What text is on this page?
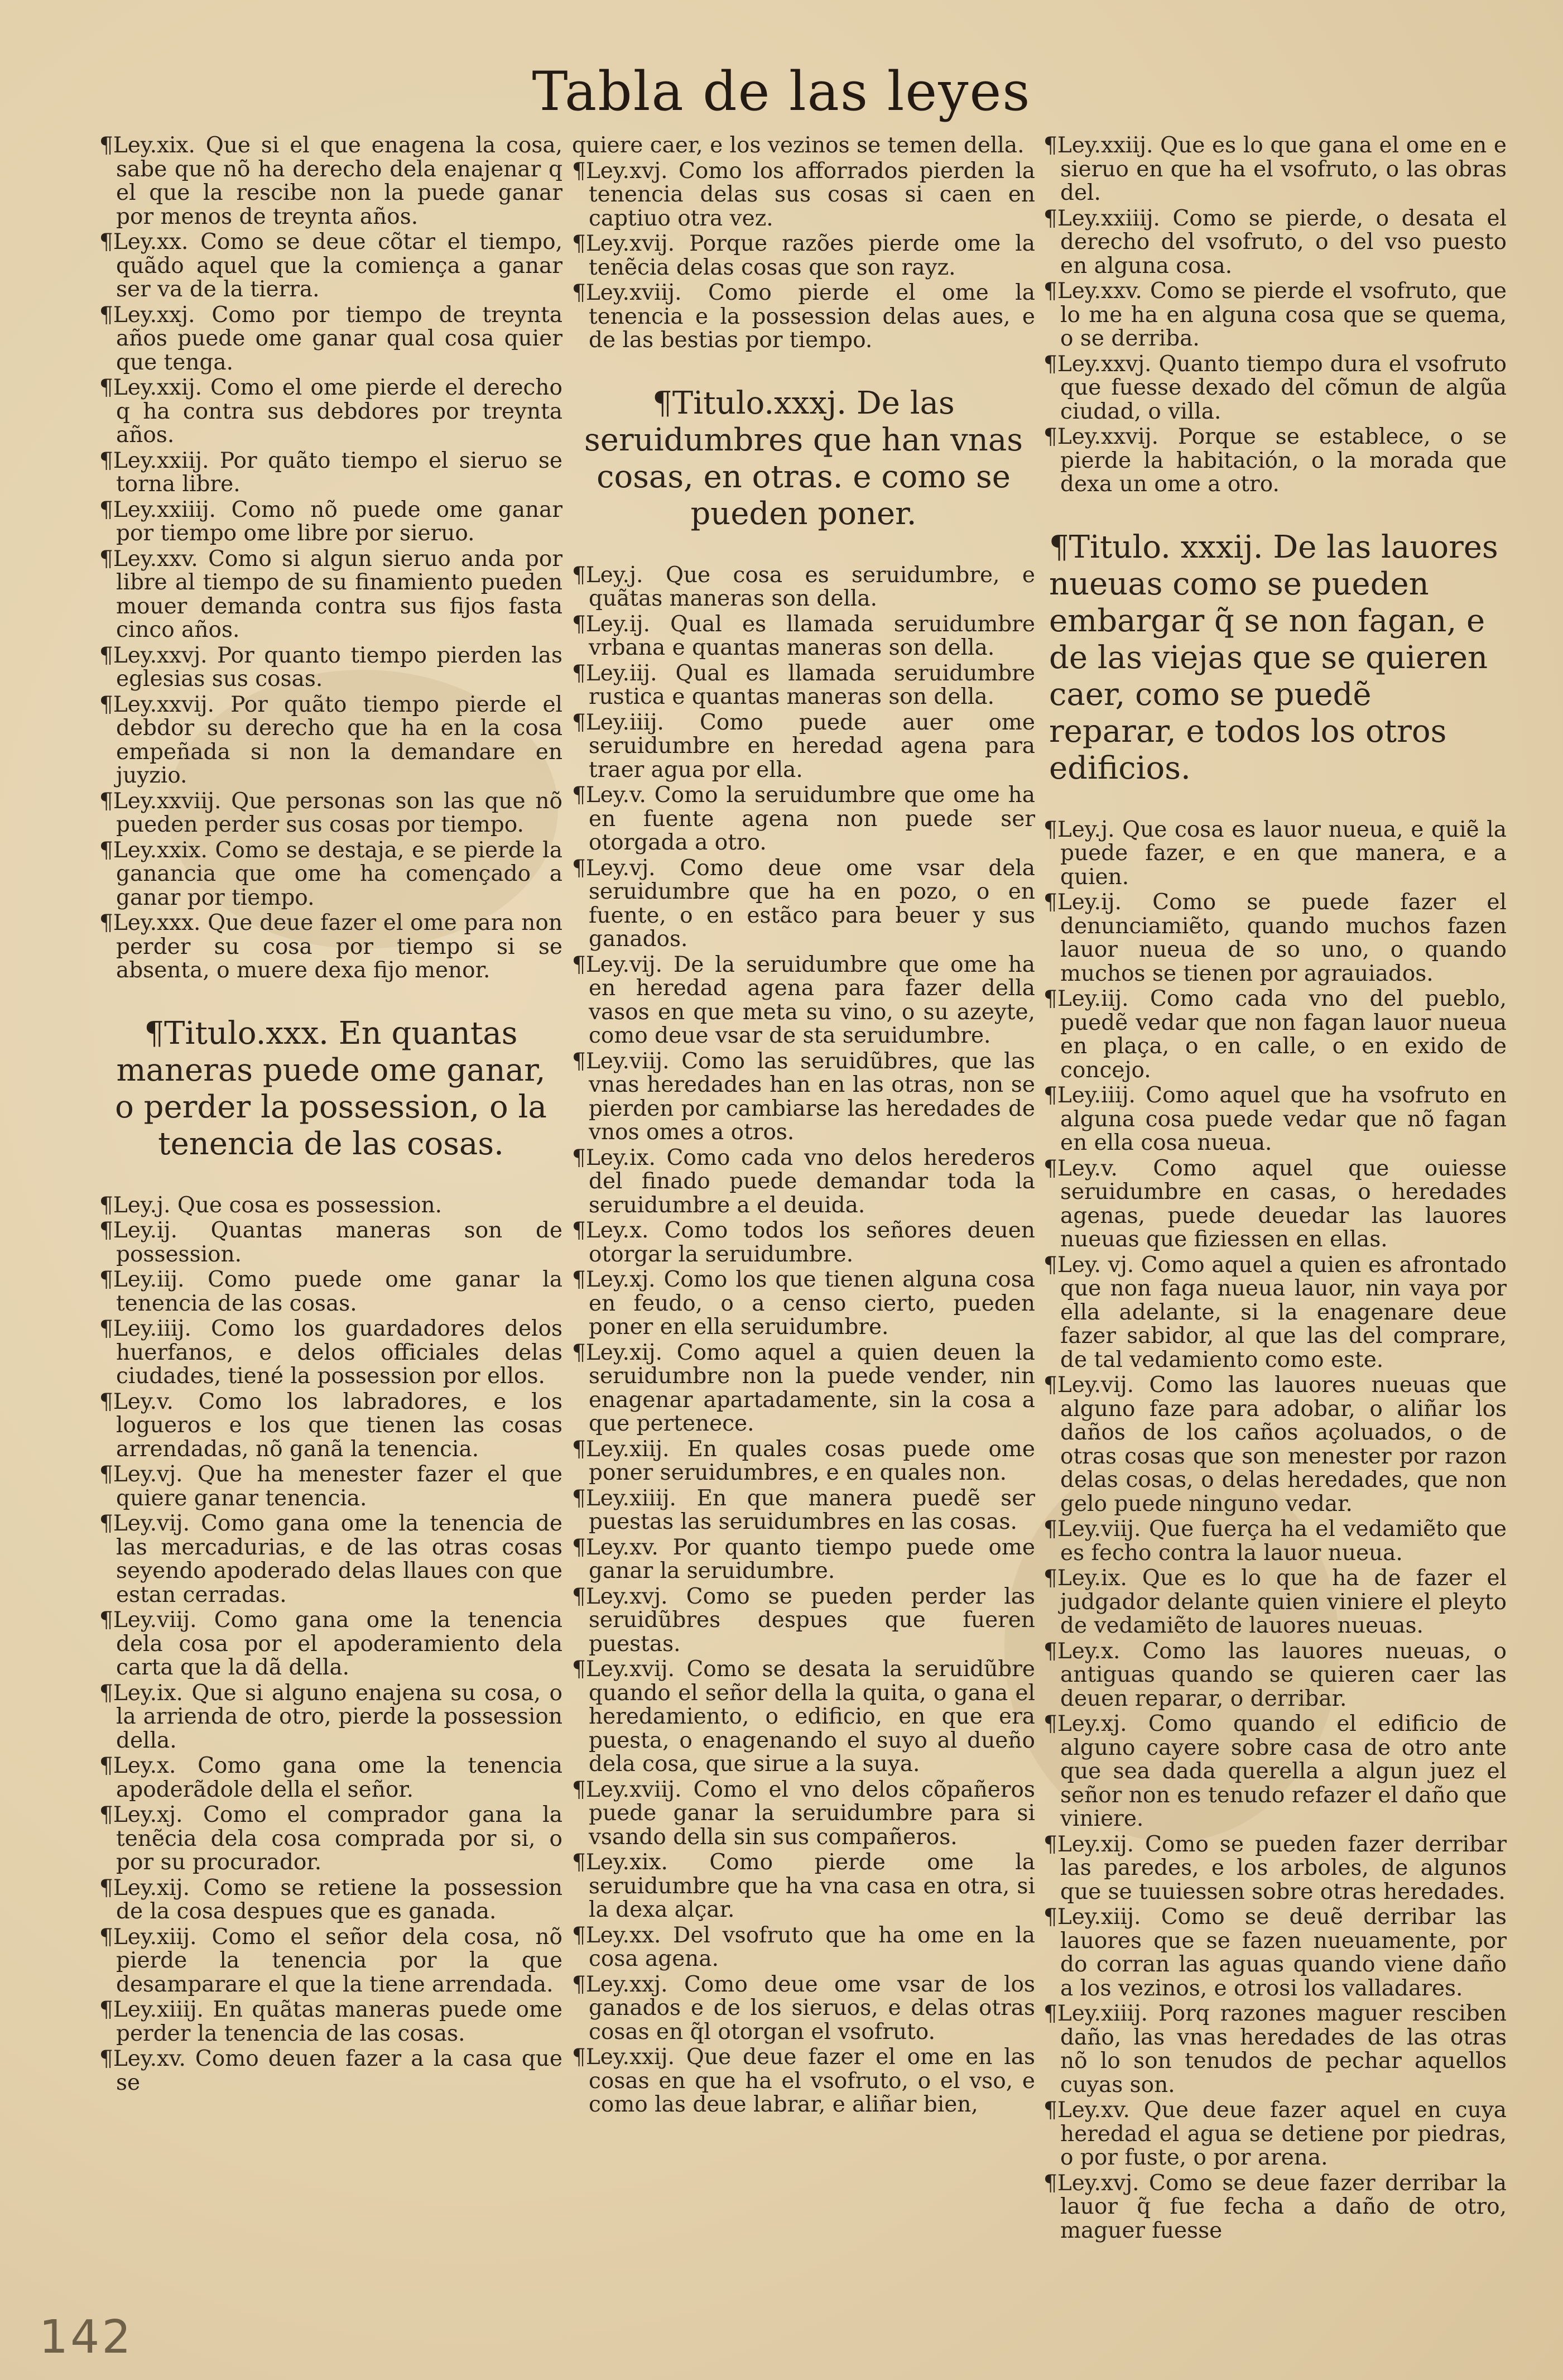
Tabla de las leyes
¶Ley.xix. Que si el que enagena la cosa, sabe que nõ ha derecho dela enajenar q el que la rescibe non la puede ganar por menos de treynta años.
¶Ley.xx. Como se deue cõtar el tiempo, quãdo aquel que la comiença a ganar ser va de la tierra.
¶Ley.xxj. Como por tiempo de treynta años puede ome ganar qual cosa quier que tenga.
¶Ley.xxij. Como el ome pierde el derecho q ha contra sus debdores por treynta años.
¶Ley.xxiij. Por quãto tiempo el sieruo se torna libre.
¶Ley.xxiiij. Como nõ puede ome ganar por tiempo ome libre por sieruo.
¶Ley.xxv. Como si algun sieruo anda por libre al tiempo de su finamiento pueden mouer demanda contra sus fijos fasta cinco años.
¶Ley.xxvj. Por quanto tiempo pierden las eglesias sus cosas.
¶Ley.xxvij. Por quãto tiempo pierde el debdor su derecho que ha en la cosa empeñada si non la demandare en juyzio.
¶Ley.xxviij. Que personas son las que nõ pueden perder sus cosas por tiempo.
¶Ley.xxix. Como se destaja, e se pierde la ganancia que ome ha començado a ganar por tiempo.
¶Ley.xxx. Que deue fazer el ome para non perder su cosa por tiempo si se absenta, o muere dexa fijo menor.
¶Titulo.xxx. En quantas maneras puede ome ganar, o perder la possession, o la tenencia de las cosas.
¶Ley.j. Que cosa es possession.
¶Ley.ij. Quantas maneras son de possession.
¶Ley.iij. Como puede ome ganar la tenencia de las cosas.
¶Ley.iiij. Como los guardadores delos huerfanos, e delos officiales delas ciudades, tiené la possession por ellos.
¶Ley.v. Como los labradores, e los logueros e los que tienen las cosas arrendadas, nõ ganã la tenencia.
¶Ley.vj. Que ha menester fazer el que quiere ganar tenencia.
¶Ley.vij. Como gana ome la tenencia de las mercadurias, e de las otras cosas seyendo apoderado delas llaues con que estan cerradas.
¶Ley.viij. Como gana ome la tenencia dela cosa por el apoderamiento dela carta que la dã della.
¶Ley.ix. Que si alguno enajena su cosa, o la arrienda de otro, pierde la possession della.
¶Ley.x. Como gana ome la tenencia apoderãdole della el señor.
¶Ley.xj. Como el comprador gana la tenẽcia dela cosa comprada por si, o por su procurador.
¶Ley.xij. Como se retiene la possession de la cosa despues que es ganada.
¶Ley.xiij. Como el señor dela cosa, nõ pierde la tenencia por la que desamparare el que la tiene arrendada.
¶Ley.xiiij. En quãtas maneras puede ome perder la tenencia de las cosas.
¶Ley.xv. Como deuen fazer a la casa que se
quiere caer, e los vezinos se temen della.
¶Ley.xvj. Como los afforrados pierden la tenencia delas sus cosas si caen en captiuo otra vez.
¶Ley.xvij. Porque razões pierde ome la tenẽcia delas cosas que son rayz.
¶Ley.xviij. Como pierde el ome la tenencia e la possession delas aues, e de las bestias por tiempo.
¶Titulo.xxxj. De las seruidumbres que han vnas cosas, en otras. e como se pueden poner.
¶Ley.j. Que cosa es seruidumbre, e quãtas maneras son della.
¶Ley.ij. Qual es llamada seruidumbre vrbana e quantas maneras son della.
¶Ley.iij. Qual es llamada seruidumbre rustica e quantas maneras son della.
¶Ley.iiij. Como puede auer ome seruidumbre en heredad agena para traer agua por ella.
¶Ley.v. Como la seruidumbre que ome ha en fuente agena non puede ser otorgada a otro.
¶Ley.vj. Como deue ome vsar dela seruidumbre que ha en pozo, o en fuente, o en estãco para beuer y sus ganados.
¶Ley.vij. De la seruidumbre que ome ha en heredad agena para fazer della vasos en que meta su vino, o su azeyte, como deue vsar de sta seruidumbre.
¶Ley.viij. Como las seruidũbres, que las vnas heredades han en las otras, non se pierden por cambiarse las heredades de vnos omes a otros.
¶Ley.ix. Como cada vno delos herederos del finado puede demandar toda la seruidumbre a el deuida.
¶Ley.x. Como todos los señores deuen otorgar la seruidumbre.
¶Ley.xj. Como los que tienen alguna cosa en feudo, o a censo cierto, pueden poner en ella seruidumbre.
¶Ley.xij. Como aquel a quien deuen la seruidumbre non la puede vender, nin enagenar apartadamente, sin la cosa a que pertenece.
¶Ley.xiij. En quales cosas puede ome poner seruidumbres, e en quales non.
¶Ley.xiiij. En que manera puedẽ ser puestas las seruidumbres en las cosas.
¶Ley.xv. Por quanto tiempo puede ome ganar la seruidumbre.
¶Ley.xvj. Como se pueden perder las seruidũbres despues que fueren puestas.
¶Ley.xvij. Como se desata la seruidũbre quando el señor della la quita, o gana el heredamiento, o edificio, en que era puesta, o enagenando el suyo al dueño dela cosa, que sirue a la suya.
¶Ley.xviij. Como el vno delos cõpañeros puede ganar la seruidumbre para si vsando della sin sus compañeros.
¶Ley.xix. Como pierde ome la seruidumbre que ha vna casa en otra, si la dexa alçar.
¶Ley.xx. Del vsofruto que ha ome en la cosa agena.
¶Ley.xxj. Como deue ome vsar de los ganados e de los sieruos, e delas otras cosas en q̃l otorgan el vsofruto.
¶Ley.xxij. Que deue fazer el ome en las cosas en que ha el vsofruto, o el vso, e como las deue labrar, e aliñar bien,
¶Ley.xxiij. Que es lo que gana el ome en e sieruo en que ha el vsofruto, o las obras del.
¶Ley.xxiiij. Como se pierde, o desata el derecho del vsofruto, o del vso puesto en alguna cosa.
¶Ley.xxv. Como se pierde el vsofruto, que lo me ha en alguna cosa que se quema, o se derriba.
¶Ley.xxvj. Quanto tiempo dura el vsofruto que fuesse dexado del cõmun de algũa ciudad, o villa.
¶Ley.xxvij. Porque se establece, o se pierde la habitación, o la morada que dexa un ome a otro.
¶Titulo. xxxij. De las lauores nueuas como se pueden embargar q̃ se non fagan, e de las viejas que se quieren caer, como se puedẽ reparar, e todos los otros edificios.
¶Ley.j. Que cosa es lauor nueua, e quiẽ la puede fazer, e en que manera, e a quien.
¶Ley.ij. Como se puede fazer el denunciamiẽto, quando muchos fazen lauor nueua de so uno, o quando muchos se tienen por agrauiados.
¶Ley.iij. Como cada vno del pueblo, puedẽ vedar que non fagan lauor nueua en plaça, o en calle, o en exido de concejo.
¶Ley.iiij. Como aquel que ha vsofruto en alguna cosa puede vedar que nõ fagan en ella cosa nueua.
¶Ley.v. Como aquel que ouiesse seruidumbre en casas, o heredades agenas, puede deuedar las lauores nueuas que fiziessen en ellas.
¶Ley. vj. Como aquel a quien es afrontado que non faga nueua lauor, nin vaya por ella adelante, si la enagenare deue fazer sabidor, al que las del comprare, de tal vedamiento como este.
¶Ley.vij. Como las lauores nueuas que alguno faze para adobar, o aliñar los daños de los caños açoluados, o de otras cosas que son menester por razon delas cosas, o delas heredades, que non gelo puede ninguno vedar.
¶Ley.viij. Que fuerça ha el vedamiẽto que es fecho contra la lauor nueua.
¶Ley.ix. Que es lo que ha de fazer el judgador delante quien viniere el pleyto de vedamiẽto de lauores nueuas.
¶Ley.x. Como las lauores nueuas, o antiguas quando se quieren caer las deuen reparar, o derribar.
¶Ley.xj. Como quando el edificio de alguno cayere sobre casa de otro ante que sea dada querella a algun juez el señor non es tenudo refazer el daño que viniere.
¶Ley.xij. Como se pueden fazer derribar las paredes, e los arboles, de algunos que se tuuiessen sobre otras heredades.
¶Ley.xiij. Como se deuẽ derribar las lauores que se fazen nueuamente, por do corran las aguas quando viene daño a los vezinos, e otrosi los valladares.
¶Ley.xiiij. Porq razones maguer resciben daño, las vnas heredades de las otras nõ lo son tenudos de pechar aquellos cuyas son.
¶Ley.xv. Que deue fazer aquel en cuya heredad el agua se detiene por piedras, o por fuste, o por arena.
¶Ley.xvj. Como se deue fazer derribar la lauor q̃ fue fecha a daño de otro, maguer fuesse
142
